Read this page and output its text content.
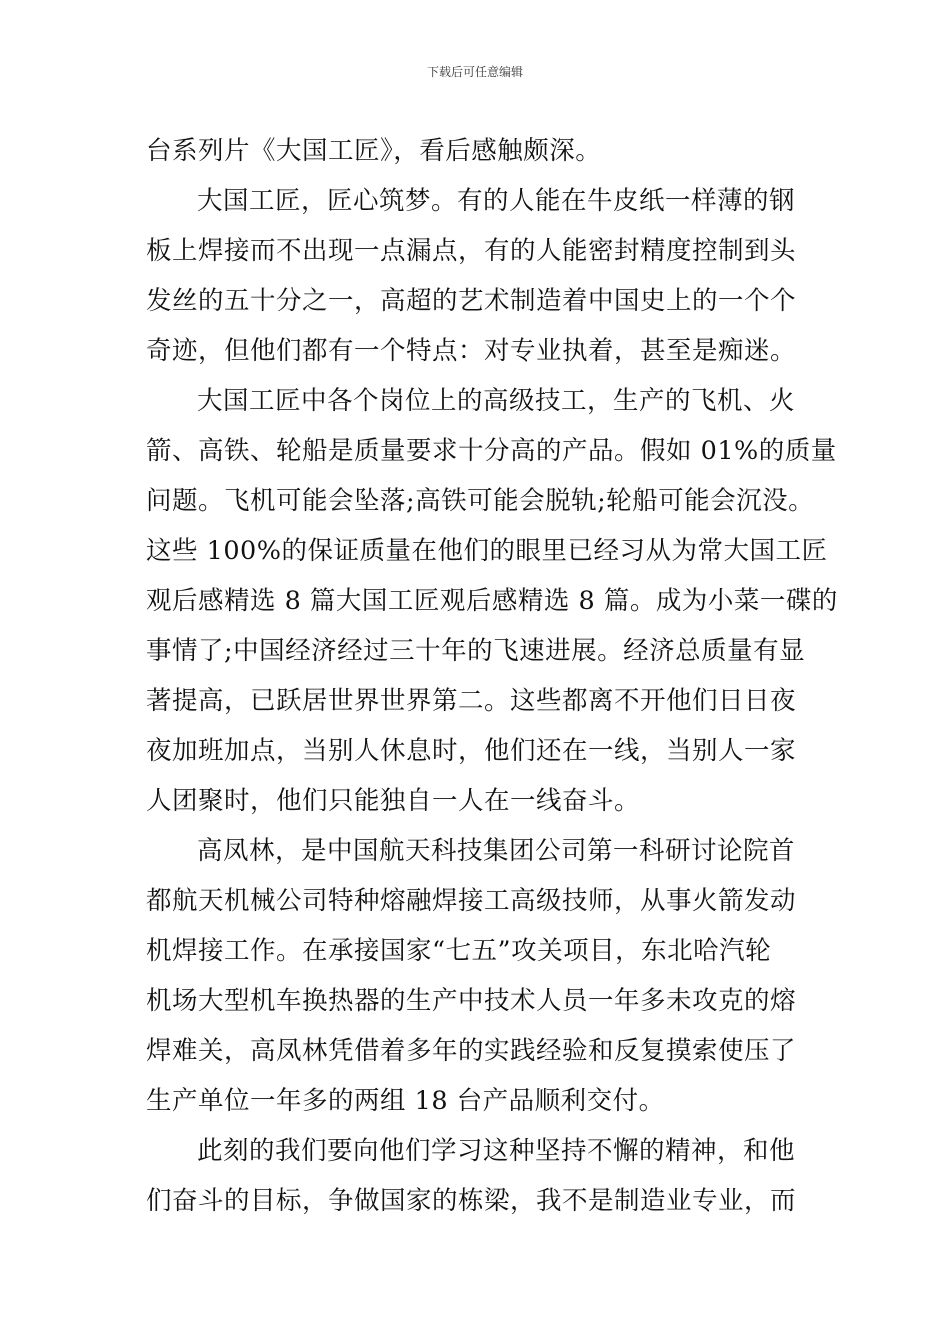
下载后可任意编辑
台系列片《大国工匠》，看后感触颇深。
大国工匠，匠心筑梦。有的人能在牛皮纸一样薄的钢
板上焊接而不出现一点漏点，有的人能密封精度控制到头
发丝的五十分之一，高超的艺术制造着中国史上的一个个
奇迹，但他们都有一个特点：对专业执着，甚至是痴迷。
大国工匠中各个岗位上的高级技工，生产的飞机、火
箭、高铁、轮船是质量要求十分高的产品。假如 01%的质量
问题。飞机可能会坠落;高铁可能会脱轨;轮船可能会沉没。
这些 100%的保证质量在他们的眼里已经习从为常大国工匠
观后感精选 8 篇大国工匠观后感精选 8 篇。成为小菜一碟的
事情了;中国经济经过三十年的飞速进展。经济总质量有显
著提高，已跃居世界世界第二。这些都离不开他们日日夜
夜加班加点，当别人休息时，他们还在一线，当别人一家
人团聚时，他们只能独自一人在一线奋斗。
高凤林，是中国航天科技集团公司第一科研讨论院首
都航天机械公司特种熔融焊接工高级技师，从事火箭发动
机焊接工作。在承接国家“七五”攻关项目，东北哈汽轮
机场大型机车换热器的生产中技术人员一年多未攻克的熔
焊难关，高凤林凭借着多年的实践经验和反复摸索使压了
生产单位一年多的两组 18 台产品顺利交付。
此刻的我们要向他们学习这种坚持不懈的精神，和他
们奋斗的目标，争做国家的栋梁，我不是制造业专业，而
